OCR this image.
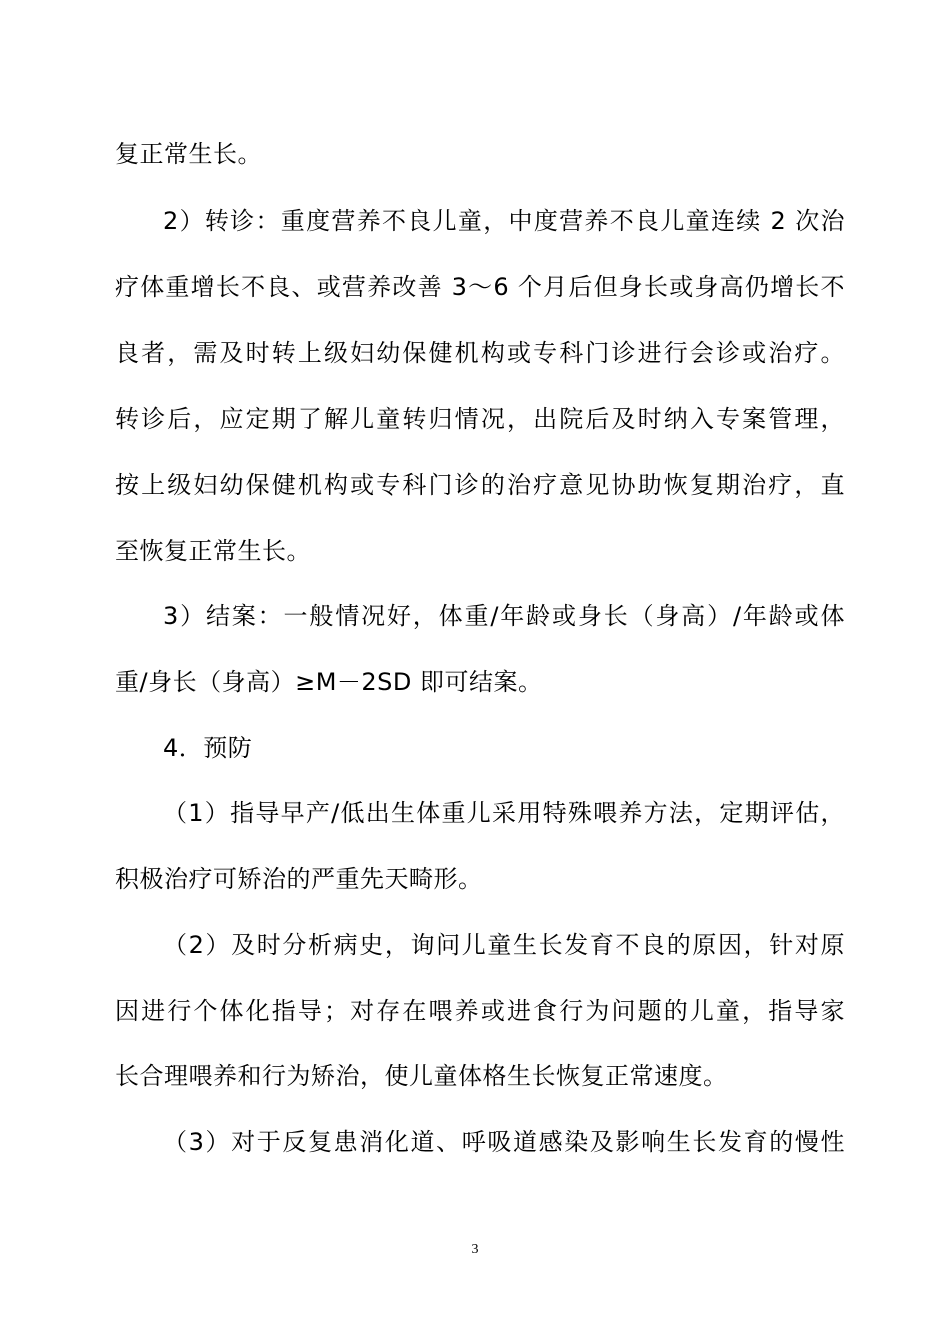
复正常生长。
2）转诊：重度营养不良儿童，中度营养不良儿童连续 2 次治
疗体重增长不良、或营养改善 3～6 个月后但身长或身高仍增长不
良者，需及时转上级妇幼保健机构或专科门诊进行会诊或治疗。
转诊后，应定期了解儿童转归情况，出院后及时纳入专案管理，
按上级妇幼保健机构或专科门诊的治疗意见协助恢复期治疗，直
至恢复正常生长。
3）结案：一般情况好，体重/年龄或身长（身高）/年龄或体
重/身长（身高）≥M－2SD 即可结案。
4．预防
（1）指导早产/低出生体重儿采用特殊喂养方法，定期评估，
积极治疗可矫治的严重先天畸形。
（2）及时分析病史，询问儿童生长发育不良的原因，针对原
因进行个体化指导；对存在喂养或进食行为问题的儿童，指导家
长合理喂养和行为矫治，使儿童体格生长恢复正常速度。
（3）对于反复患消化道、呼吸道感染及影响生长发育的慢性
3
